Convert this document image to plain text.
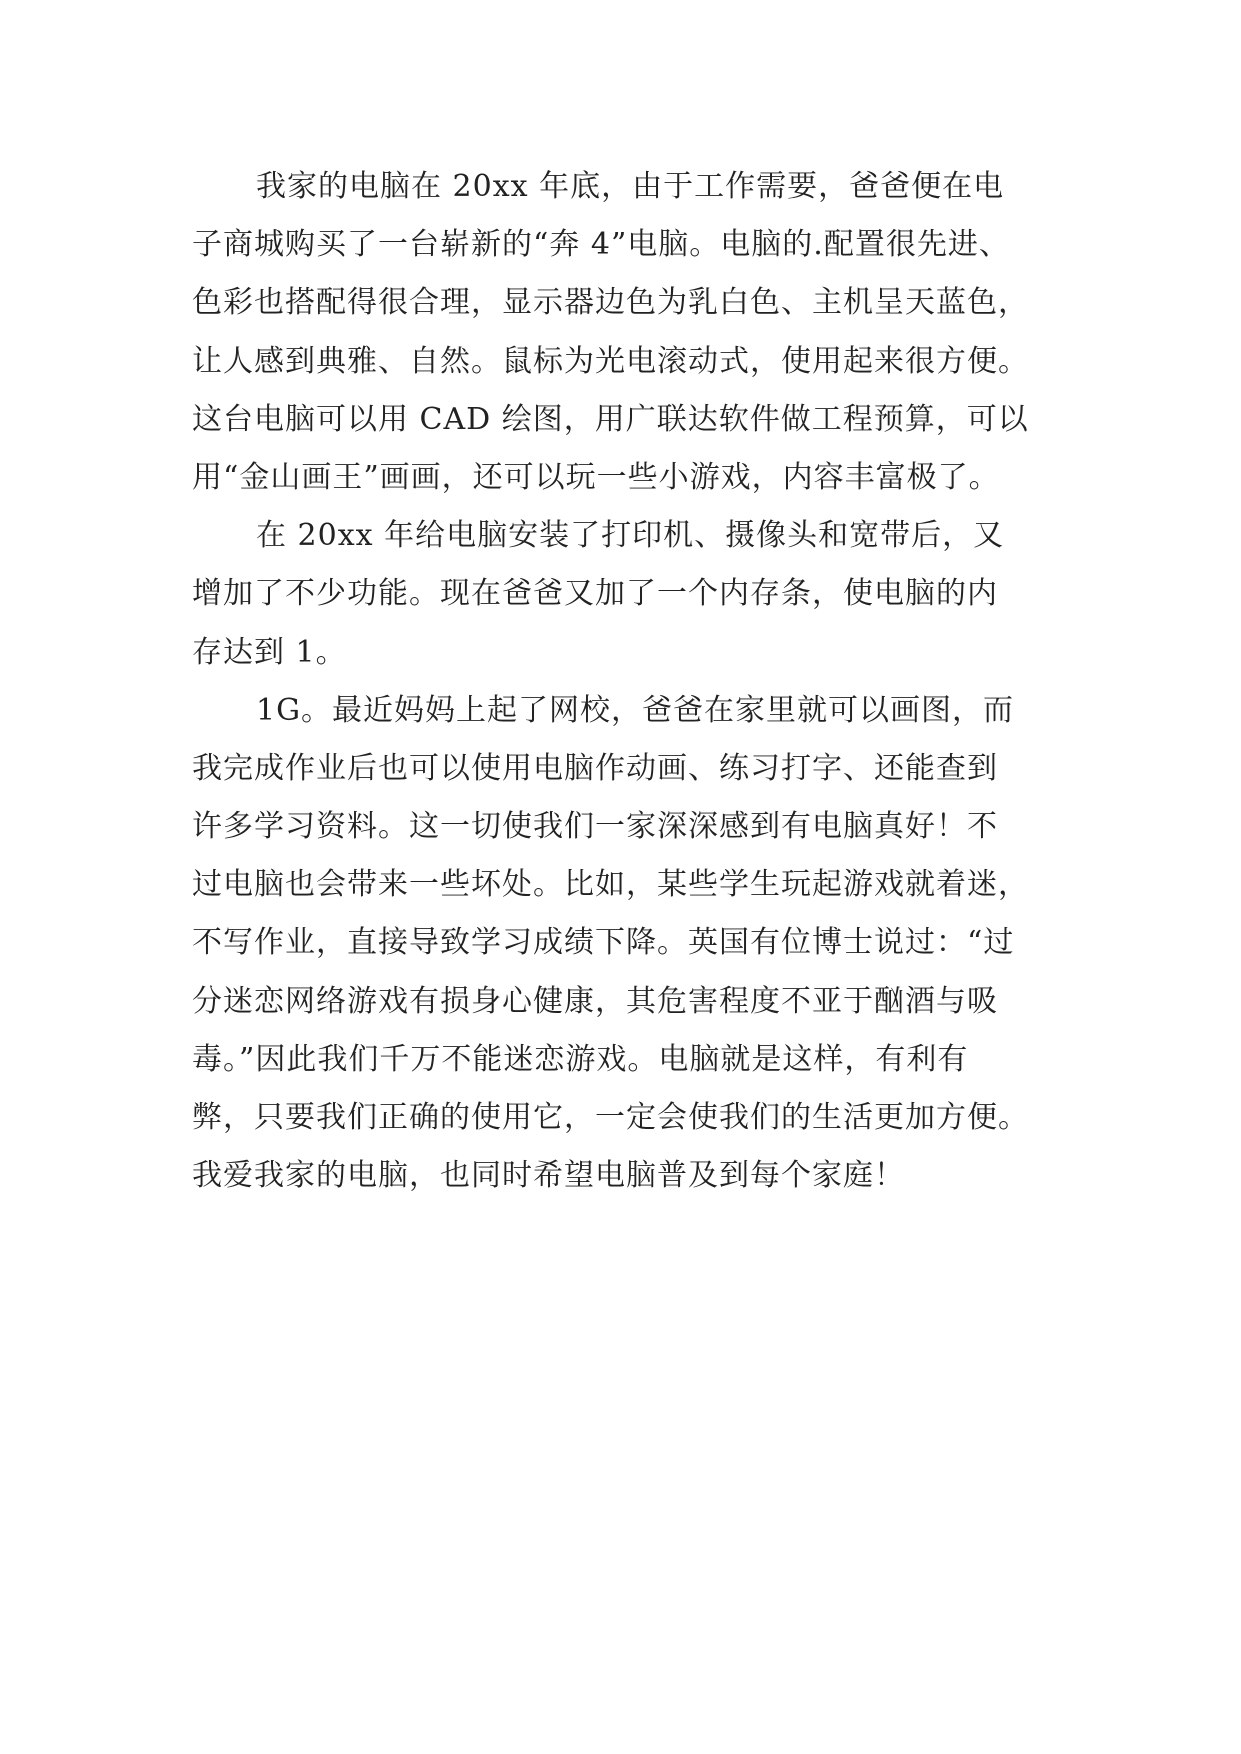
我家的电脑在 20xx 年底，由于工作需要，爸爸便在电
子商城购买了一台崭新的“奔 4”电脑。电脑的.配置很先进、
色彩也搭配得很合理，显示器边色为乳白色、主机呈天蓝色，
让人感到典雅、自然。鼠标为光电滚动式，使用起来很方便。
这台电脑可以用 CAD 绘图，用广联达软件做工程预算，可以
用“金山画王”画画，还可以玩一些小游戏，内容丰富极了。
在 20xx 年给电脑安装了打印机、摄像头和宽带后，又
增加了不少功能。现在爸爸又加了一个内存条，使电脑的内
存达到 1。
1G。最近妈妈上起了网校，爸爸在家里就可以画图，而
我完成作业后也可以使用电脑作动画、练习打字、还能查到
许多学习资料。这一切使我们一家深深感到有电脑真好！不
过电脑也会带来一些坏处。比如，某些学生玩起游戏就着迷，
不写作业，直接导致学习成绩下降。英国有位博士说过：“过
分迷恋网络游戏有损身心健康，其危害程度不亚于酗酒与吸
毒。”因此我们千万不能迷恋游戏。电脑就是这样，有利有
弊，只要我们正确的使用它，一定会使我们的生活更加方便。
我爱我家的电脑，也同时希望电脑普及到每个家庭！
